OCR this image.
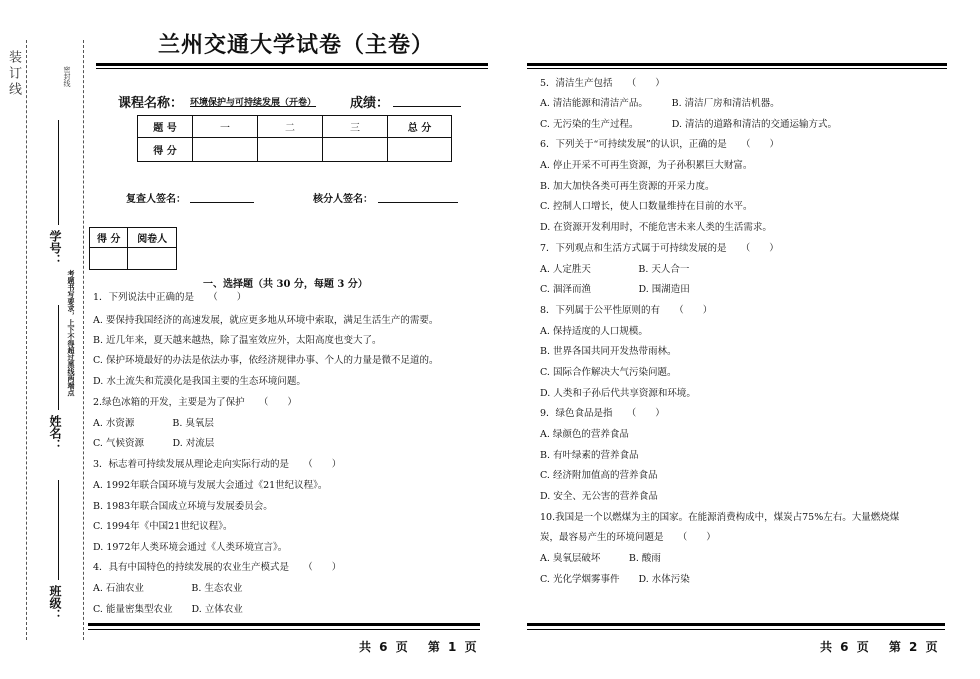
装订线	密封线
学号：
姓名：
考题书写要求，上下不得超过黑线两端点
班级：
兰州交通大学试卷（主卷）
课程名称： 环境保护与可持续发展（开卷）	成绩：
题 号	一	二	三	总 分
得 分				
复查人签名：	核分人签名：
得 分	阅卷人

一、选择题（共 30 分，每题 3 分）
1．下列说法中正确的是　　（　　）
A. 要保持我国经济的高速发展，就应更多地从环境中索取，满足生活生产的需要。
B. 近几年来，夏天越来越热，除了温室效应外，太阳高度也变大了。
C. 保护环境最好的办法是依法办事，依经济规律办事、个人的力量是微不足道的。
D. 水土流失和荒漠化是我国主要的生态环境问题。
2.绿色冰箱的开发，主要是为了保护　　（　　）
A. 水资源　　　　B. 臭氧层
C. 气候资源　　　D. 对流层
3．标志着可持续发展从理论走向实际行动的是　　（　　）
A. 1992年联合国环境与发展大会通过《21世纪议程》。
B. 1983年联合国成立环境与发展委员会。
C. 1994年《中国21世纪议程》。
D. 1972年人类环境会通过《人类环境宣言》。
4．具有中国特色的持续发展的农业生产模式是　　（　　）
A. 石油农业　　　　　B. 生态农业
C. 能量密集型农业　　D. 立体农业
共 6 页　 第 1 页
5．清洁生产包括　　（　　）
A. 清洁能源和清洁产品。　　　B. 清洁厂房和清洁机器。
C. 无污染的生产过程。　　　　D. 清洁的道路和清洁的交通运输方式。
6．下列关于“可持续发展”的认识，正确的是　　（　　）
A. 停止开采不可再生资源，为子孙积累巨大财富。
B. 加大加快各类可再生资源的开采力度。
C. 控制人口增长，使人口数量维持在目前的水平。
D. 在资源开发利用时，不能危害未来人类的生活需求。
7．下列观点和生活方式属于可持续发展的是　　（　　）
A. 人定胜天　　　　　B. 天人合一
C. 涸泽而渔　　　　　D. 围湖造田
8．下列属于公平性原则的有　　（　　）
A. 保持适度的人口规模。
B. 世界各国共同开发热带雨林。
C. 国际合作解决大气污染问题。
D. 人类和子孙后代共享资源和环境。
9．绿色食品是指　　（　　）
A. 绿颜色的营养食品
B. 有叶绿素的营养食品
C. 经济附加值高的营养食品
D. 安全、无公害的营养食品
10.我国是一个以燃煤为主的国家。在能源消费构成中，煤炭占75%左右。大量燃烧煤
炭，最容易产生的环境问题是　　（　　）
A. 臭氧层破坏　　　B. 酸雨
C. 光化学烟雾事件　　D. 水体污染
共 6 页　 第 2 页
